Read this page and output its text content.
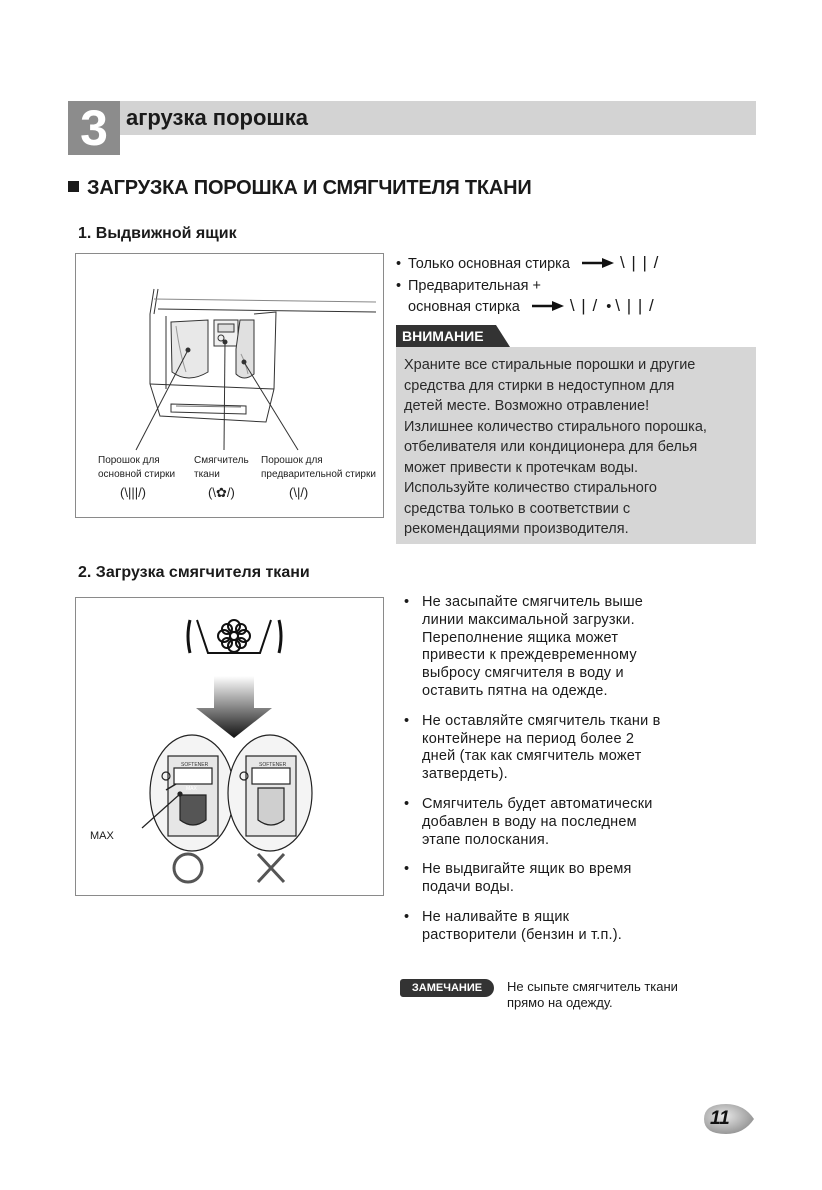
3 агрузка порошка
ЗАГРУЗКА ПОРОШКА И СМЯГЧИТЕЛЯ ТКАНИ
1. Выдвижной ящик
Порошок для
основной стирки
(\|||/)
Смягчитель
ткани
(\✿/)
Порошок для
предварительной стирки
(\|/)
• Только основная стирка	\ | | /
• Предварительная +
основная стирка	\ | / • \ | | /
ВНИМАНИЕ
Храните все стиральные порошки и другие
средства для стирки в недоступном для
детей месте. Возможно отравление!
Излишнее количество стирального порошка,
отбеливателя или кондиционера для белья
может привести к протечкам воды.
Используйте количество стирального
средства только в соответствии с
рекомендациями производителя.
2. Загрузка смягчителя ткани
SOFTENER	SOFTENER
MAX
MAX
• Не засыпайте смягчитель выше
линии максимальной загрузки.
Переполнение ящика может
привести к преждевременному
выбросу смягчителя в воду и
оставить пятна на одежде.
• Не оставляйте смягчитель ткани в
контейнере на период более 2
дней (так как смягчитель может
затвердеть).
• Смягчитель будет автоматически
добавлен в воду на последнем
этапе полоскания.
• Не выдвигайте ящик во время
подачи воды.
• Не наливайте в ящик
растворители (бензин и т.п.).
ЗАМЕЧАНИЕ	Не сыпьте смягчитель ткани
прямо на одежду.
11
